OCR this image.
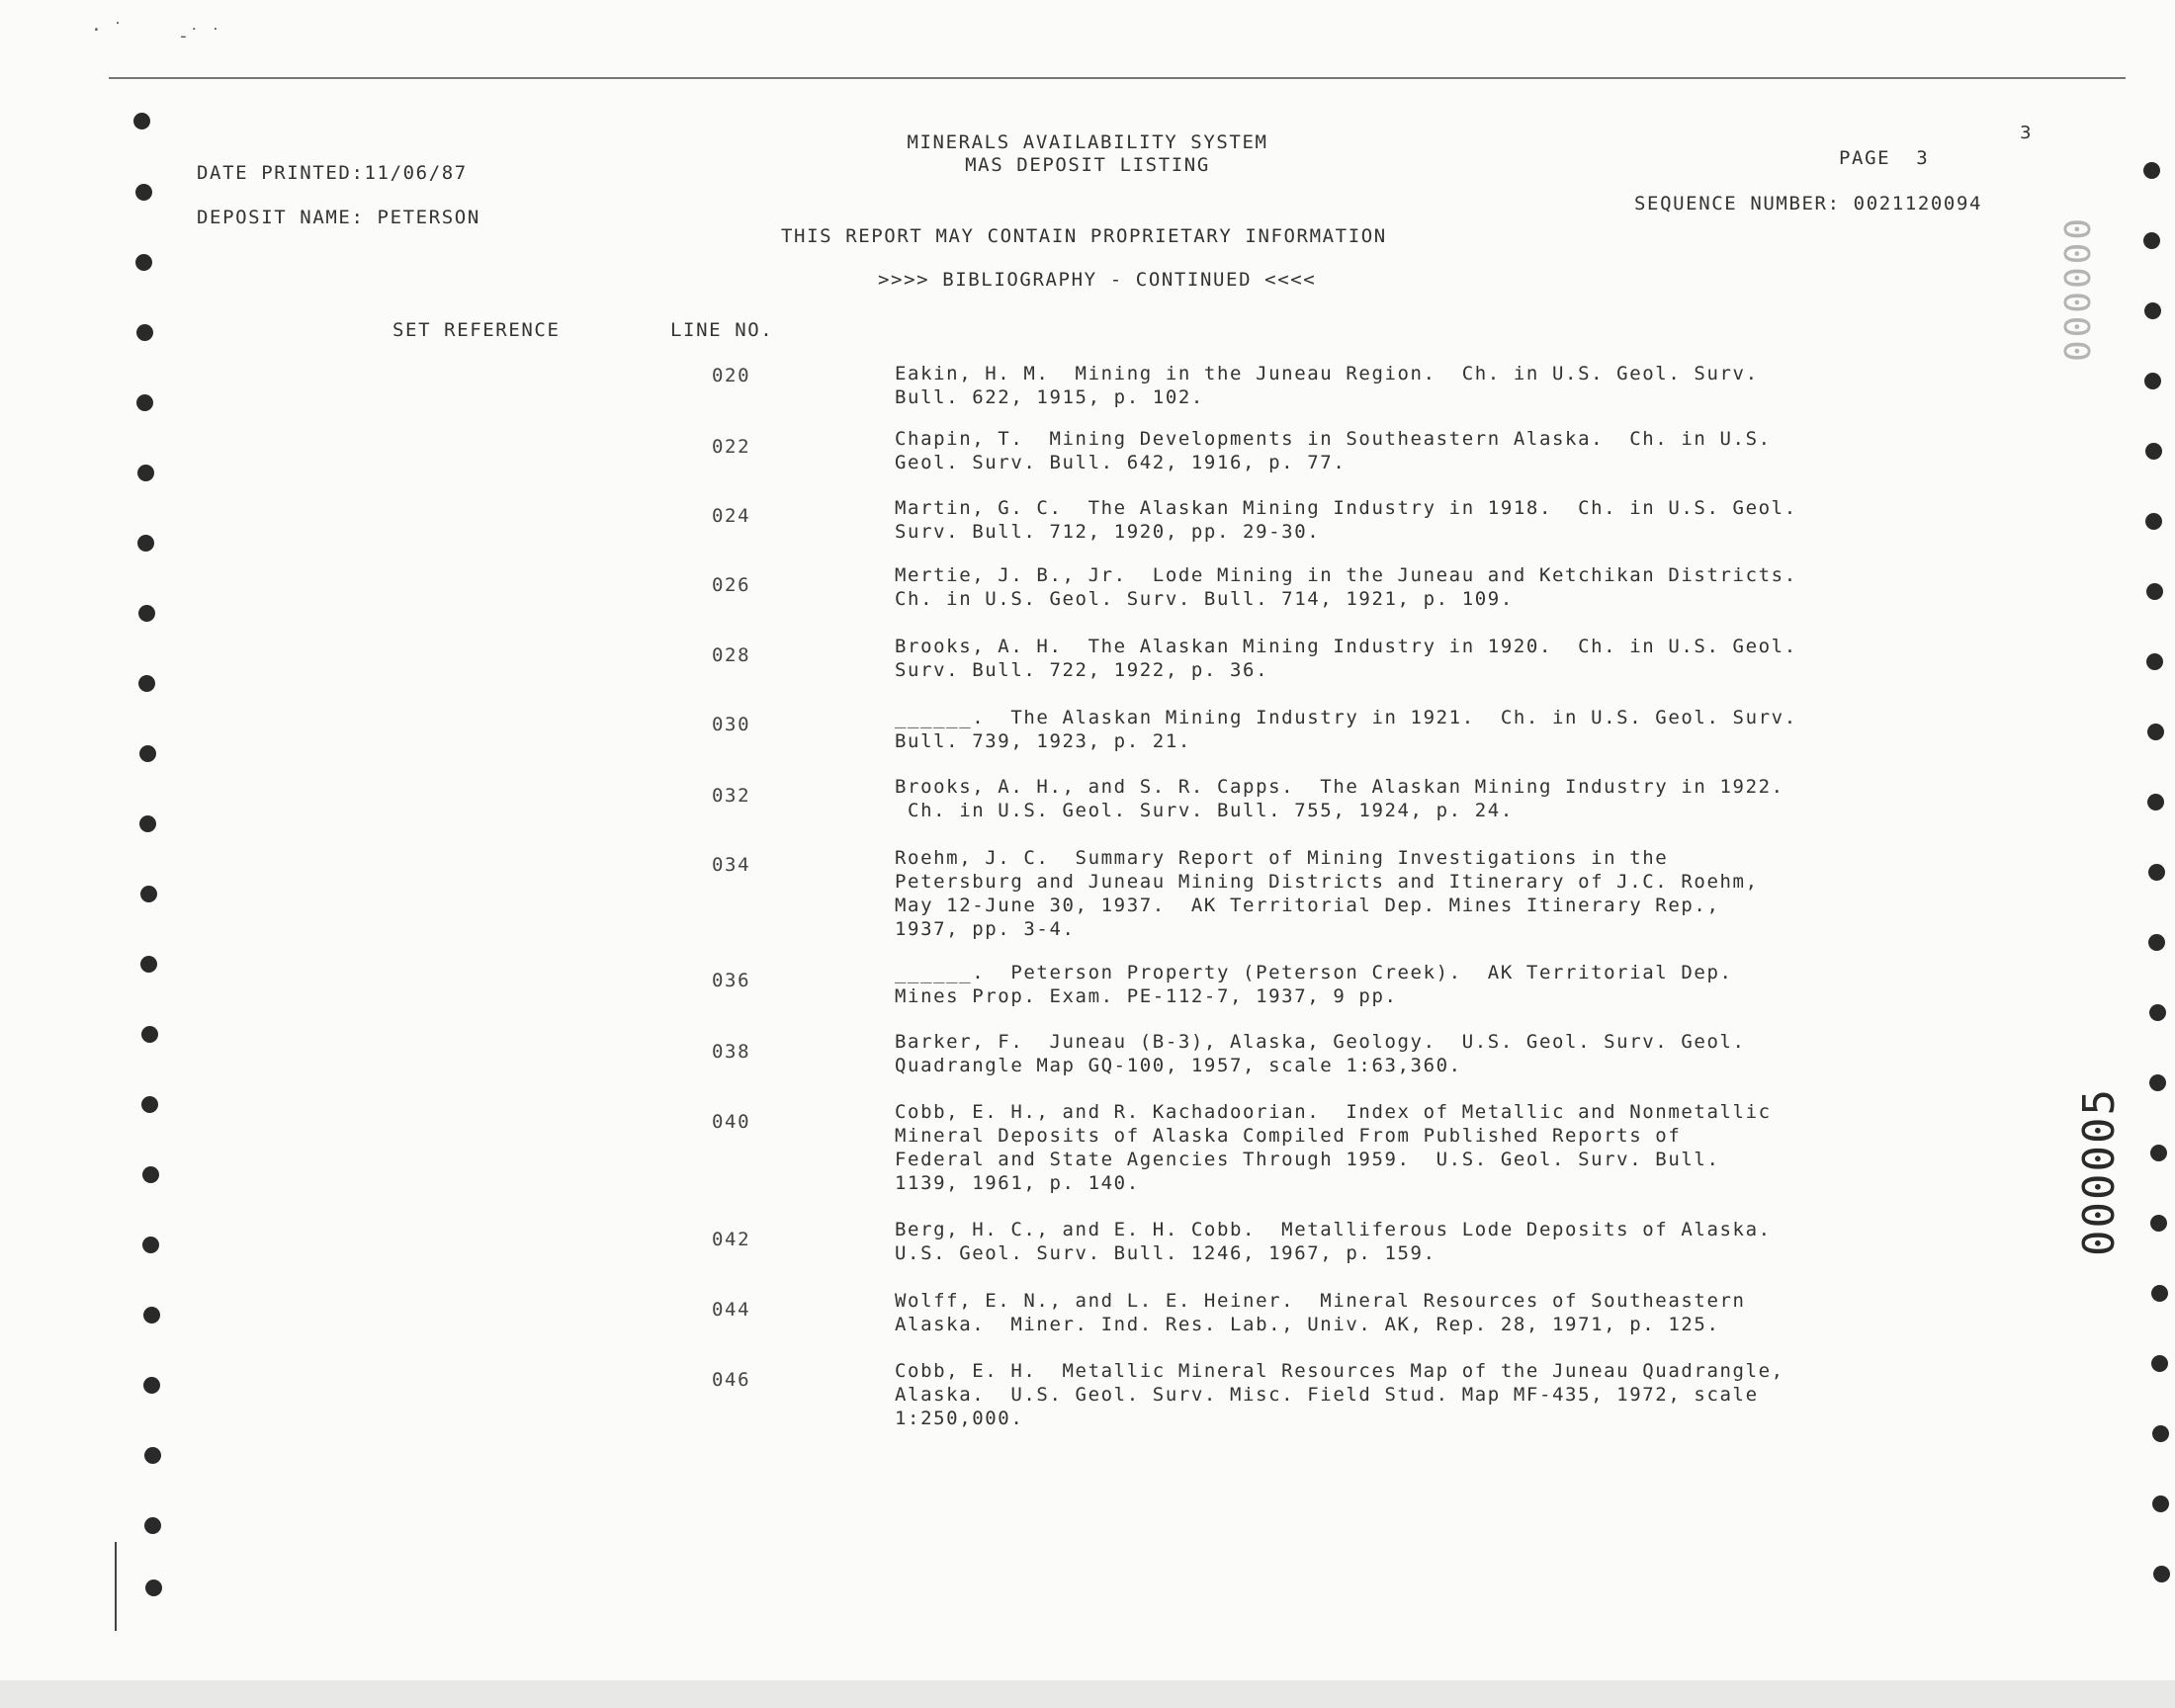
· ˙	-˙ ˙

MINERALS AVAILABILITY SYSTEM

MAS DEPOSIT LISTING

DATE PRINTED:11/06/87

PAGE  3

3

DEPOSIT NAME: PETERSON

SEQUENCE NUMBER: 0021120094

THIS REPORT MAY CONTAIN PROPRIETARY INFORMATION

>>>> BIBLIOGRAPHY - CONTINUED <<<<

SET REFERENCE	LINE NO.

020	Eakin, H. M.  Mining in the Juneau Region.  Ch. in U.S. Geol. Surv.
Bull. 622, 1915, p. 102.

022	Chapin, T.  Mining Developments in Southeastern Alaska.  Ch. in U.S.
Geol. Surv. Bull. 642, 1916, p. 77.

024	Martin, G. C.  The Alaskan Mining Industry in 1918.  Ch. in U.S. Geol.
Surv. Bull. 712, 1920, pp. 29-30.

026	Mertie, J. B., Jr.  Lode Mining in the Juneau and Ketchikan Districts.
Ch. in U.S. Geol. Surv. Bull. 714, 1921, p. 109.

028	Brooks, A. H.  The Alaskan Mining Industry in 1920.  Ch. in U.S. Geol.
Surv. Bull. 722, 1922, p. 36.

030	______.  The Alaskan Mining Industry in 1921.  Ch. in U.S. Geol. Surv.
Bull. 739, 1923, p. 21.

032	Brooks, A. H., and S. R. Capps.  The Alaskan Mining Industry in 1922.
Ch. in U.S. Geol. Surv. Bull. 755, 1924, p. 24.

034	Roehm, J. C.  Summary Report of Mining Investigations in the
Petersburg and Juneau Mining Districts and Itinerary of J.C. Roehm,
May 12-June 30, 1937.  AK Territorial Dep. Mines Itinerary Rep.,
1937, pp. 3-4.

036	______.  Peterson Property (Peterson Creek).  AK Territorial Dep.
Mines Prop. Exam. PE-112-7, 1937, 9 pp.

038	Barker, F.  Juneau (B-3), Alaska, Geology.  U.S. Geol. Surv. Geol.
Quadrangle Map GQ-100, 1957, scale 1:63,360.

040	Cobb, E. H., and R. Kachadoorian.  Index of Metallic and Nonmetallic
Mineral Deposits of Alaska Compiled From Published Reports of
Federal and State Agencies Through 1959.  U.S. Geol. Surv. Bull.
1139, 1961, p. 140.

042	Berg, H. C., and E. H. Cobb.  Metalliferous Lode Deposits of Alaska.
U.S. Geol. Surv. Bull. 1246, 1967, p. 159.

044	Wolff, E. N., and L. E. Heiner.  Mineral Resources of Southeastern
Alaska.  Miner. Ind. Res. Lab., Univ. AK, Rep. 28, 1971, p. 125.

046	Cobb, E. H.  Metallic Mineral Resources Map of the Juneau Quadrangle,
Alaska.  U.S. Geol. Surv. Misc. Field Stud. Map MF-435, 1972, scale
1:250,000.

000000
000005
